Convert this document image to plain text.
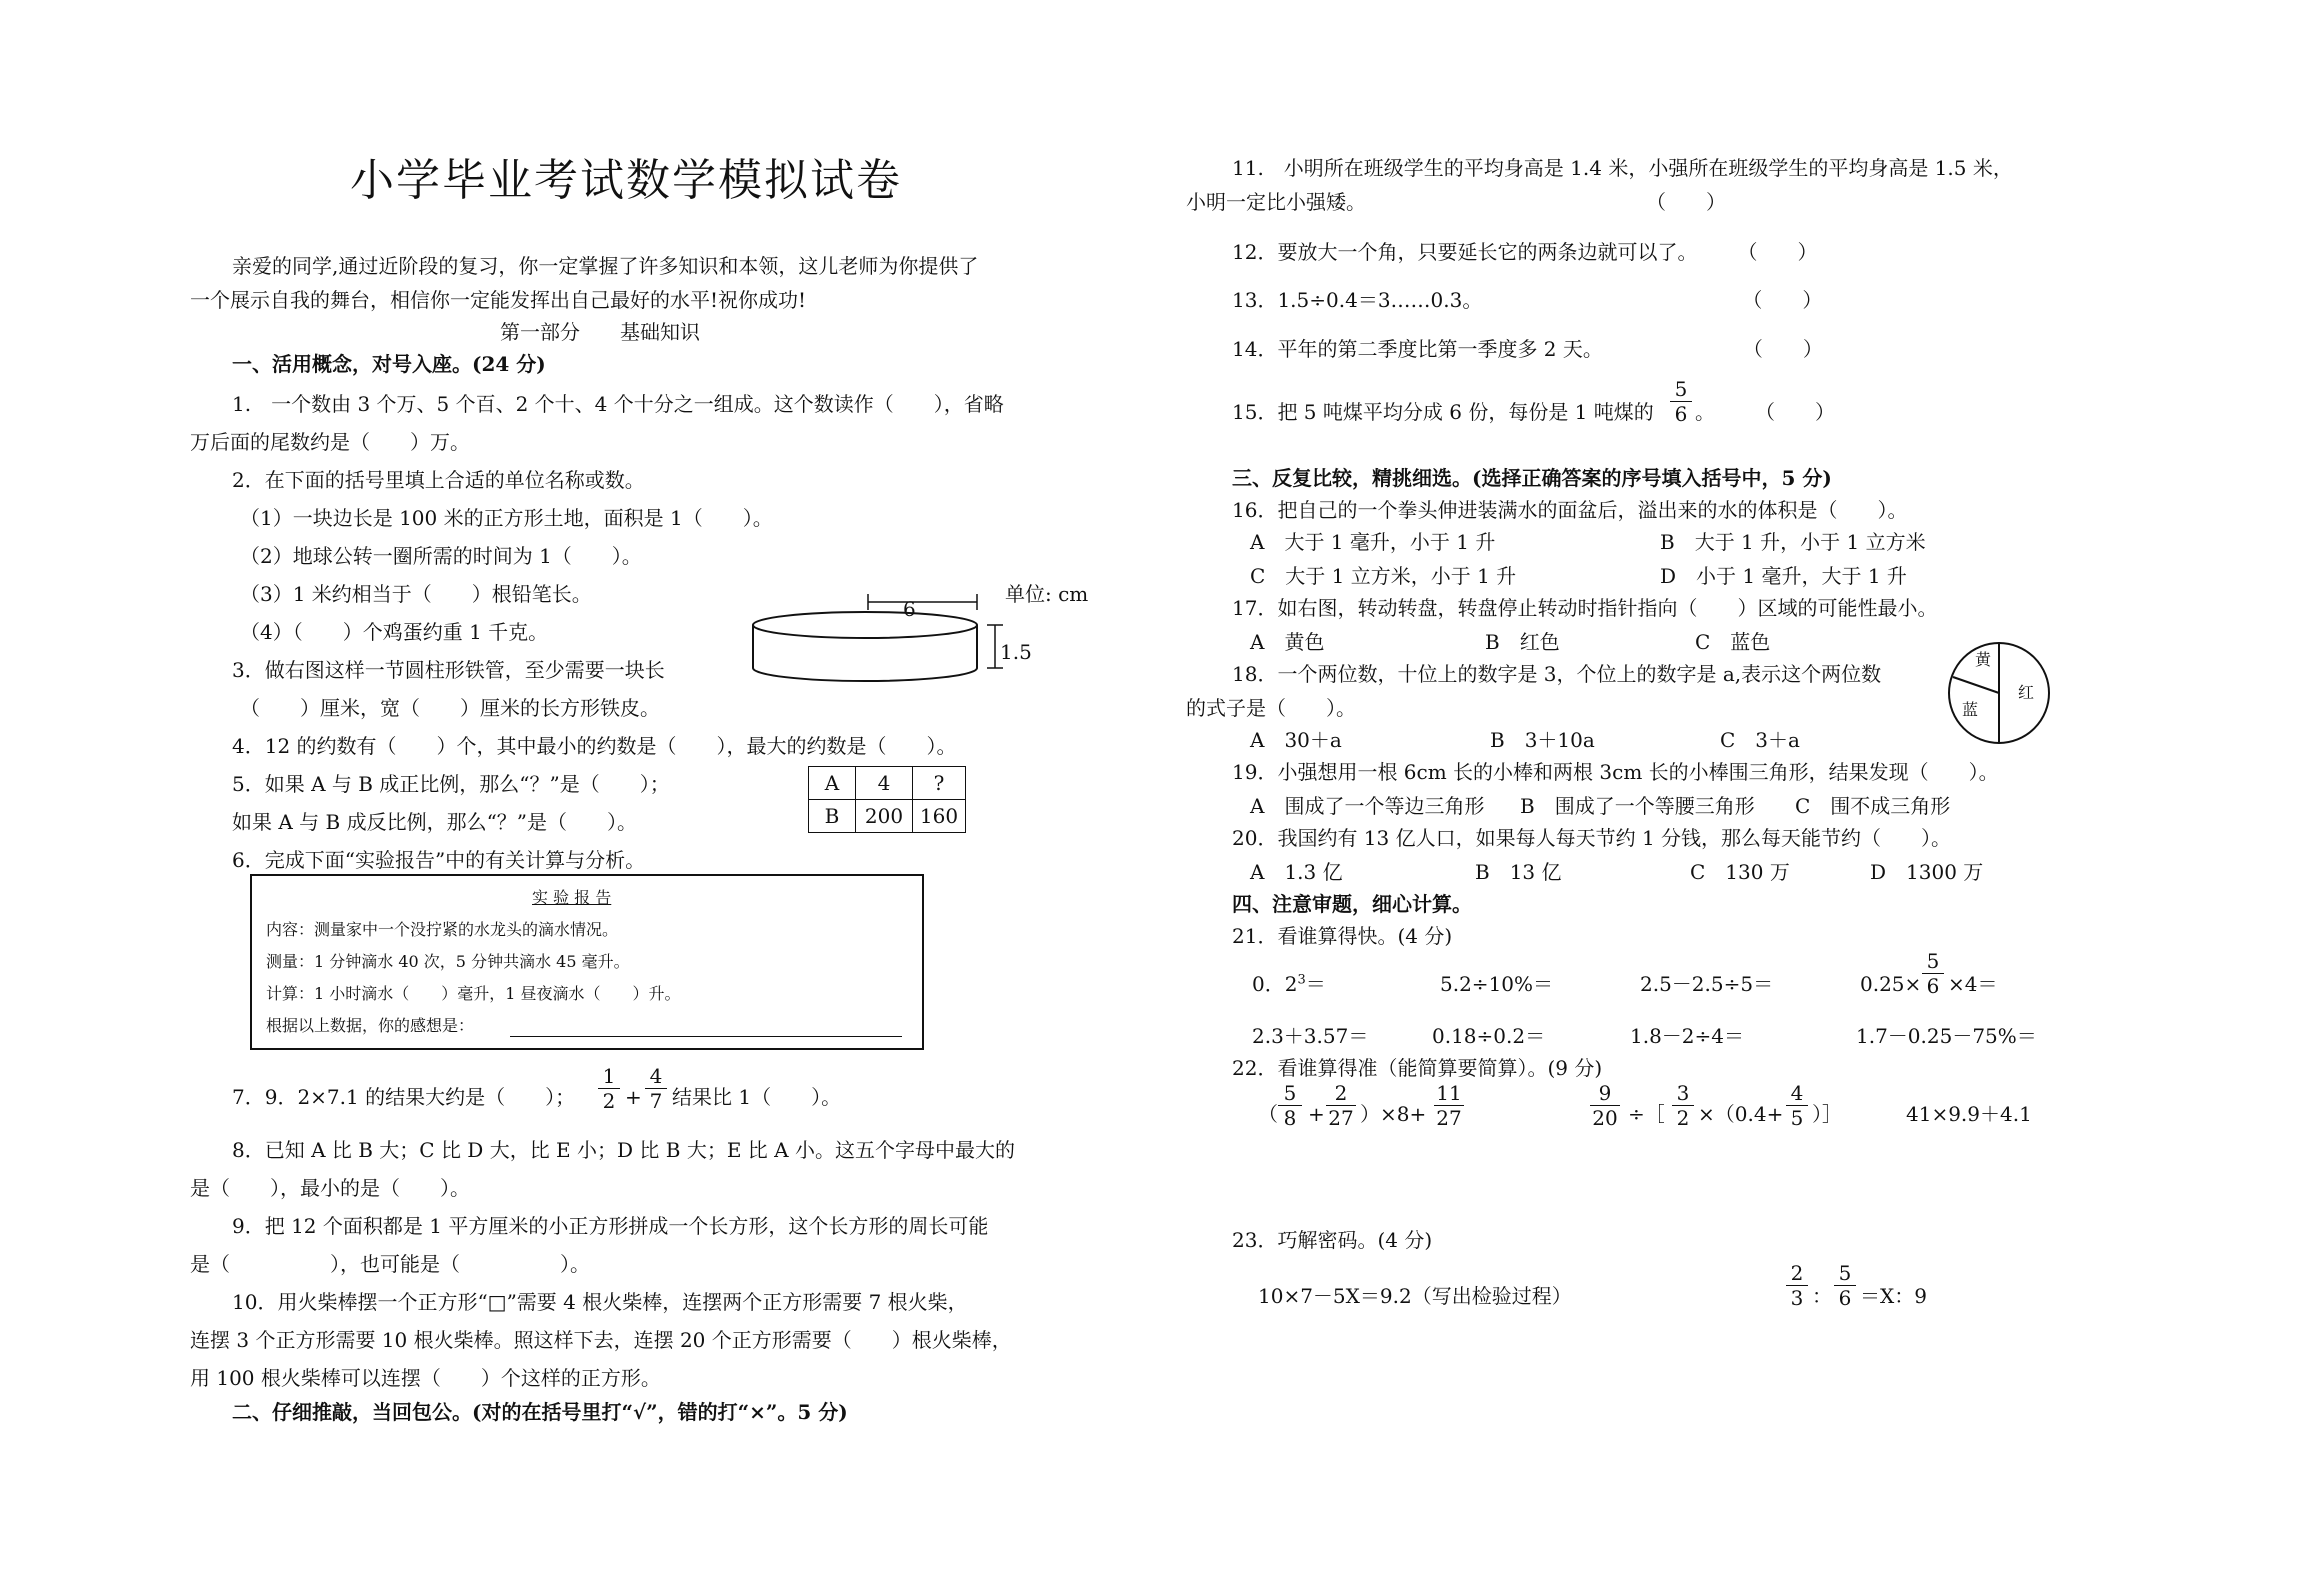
小学毕业考试数学模拟试卷
亲爱的同学,通过近阶段的复习，你一定掌握了许多知识和本领，这儿老师为你提供了
一个展示自我的舞台，相信你一定能发挥出自己最好的水平!祝你成功!
第一部分　　基础知识
一、活用概念，对号入座。(24 分)
1.　一个数由 3 个万、5 个百、2 个十、4 个十分之一组成。这个数读作（　　），省略
万后面的尾数约是（　　）万。
2．在下面的括号里填上合适的单位名称或数。
（1）一块边长是 100 米的正方形土地，面积是 1（　　）。
（2）地球公转一圈所需的时间为 1（　　）。
（3）1 米约相当于（　　）根铅笔长。
（4）（　　）个鸡蛋约重 1 千克。
3．做右图这样一节圆柱形铁管，至少需要一块长
（　　）厘米，宽（　　）厘米的长方形铁皮。
6
1.5
单位: cm
4．12 的约数有（　　）个，其中最小的约数是（　　），最大的约数是（　　）。
5．如果 A 与 B 成正比例，那么“？”是（　　）；
如果 A 与 B 成反比例，那么“？”是（　　）。
A	4	?
B	200	160
6．完成下面“实验报告”中的有关计算与分析。
实 验 报 告
内容：测量家中一个没拧紧的水龙头的滴水情况。
测量：1 分钟滴水 40 次，5 分钟共滴水 45 毫升。
计算：1 小时滴水（　　）毫升，1 昼夜滴水（　　）升。
根据以上数据，你的感想是：
7．9．2×7.1 的结果大约是（　　）；
1
2 +
4
7 结果比 1（　　）。
8．已知 A 比 B 大；C 比 D 大，比 E 小；D 比 B 大；E 比 A 小。这五个字母中最大的
是（　　），最小的是（　　）。
9．把 12 个面积都是 1 平方厘米的小正方形拼成一个长方形，这个长方形的周长可能
是（　　　　　），也可能是（　　　　　）。
10．用火柴棒摆一个正方形“□”需要 4 根火柴棒，连摆两个正方形需要 7 根火柴，
连摆 3 个正方形需要 10 根火柴棒。照这样下去，连摆 20 个正方形需要（　　）根火柴棒，
用 100 根火柴棒可以连摆（　　）个这样的正方形。
二、仔细推敲，当回包公。(对的在括号里打“√”，错的打“×”。5 分)
11.　小明所在班级学生的平均身高是 1.4 米，小强所在班级学生的平均身高是 1.5 米，
小明一定比小强矮。　　　　　　　　　　　　　　　（　　）
12．要放大一个角，只要延长它的两条边就可以了。　　　（　　）
13．1.5÷0.4＝3……0.3。　　　　　　　　　　　　　　（　　）
14．平年的第二季度比第一季度多 2 天。　　　　　　　　（　　）
15．把 5 吨煤平均分成 6 份，每份是 1 吨煤的
5
6 。　　　（　　）
三、反复比较，精挑细选。(选择正确答案的序号填入括号中，5 分)
16．把自己的一个拳头伸进装满水的面盆后，溢出来的水的体积是（　　）。
A　大于 1 毫升，小于 1 升	B　大于 1 升，小于 1 立方米
C　大于 1 立方米，小于 1 升	D　小于 1 毫升，大于 1 升
17．如右图，转动转盘，转盘停止转动时指针指向（　　）区域的可能性最小。
A　黄色	B　红色	C　蓝色
黄
红
蓝
18．一个两位数，十位上的数字是 3，个位上的数字是 a,表示这个两位数
的式子是（　　）。
A　30＋a	B　3＋10a	C　3＋a
19．小强想用一根 6cm 长的小棒和两根 3cm 长的小棒围三角形，结果发现（　　）。
A　围成了一个等边三角形 B　围成了一个等腰三角形 C　围不成三角形
20．我国约有 13 亿人口，如果每人每天节约 1 分钱，那么每天能节约（　　）。
A　1.3 亿	B　13 亿	C　130 万	D　1300 万
四、注意审题，细心计算。
21．看谁算得快。(4 分)
0．$2^3=$	5.2÷10%＝	2.5－2.5÷5＝	0.25×
5
6 ×4＝
2.3＋3.57＝	0.18÷0.2＝	1.8－2÷4＝	1.7－0.25－75%＝
22．看谁算得准（能简算要简算）。(9 分)
（
5
8 +
2
27 ）×8+
11
27
9
20 ÷［
3
2 ×（0.4+
4
5 ）］	41×9.9＋4.1
23．巧解密码。(4 分)
10×7－5X＝9.2（写出检验过程）
2
3 ：
5
6 ＝X：9
